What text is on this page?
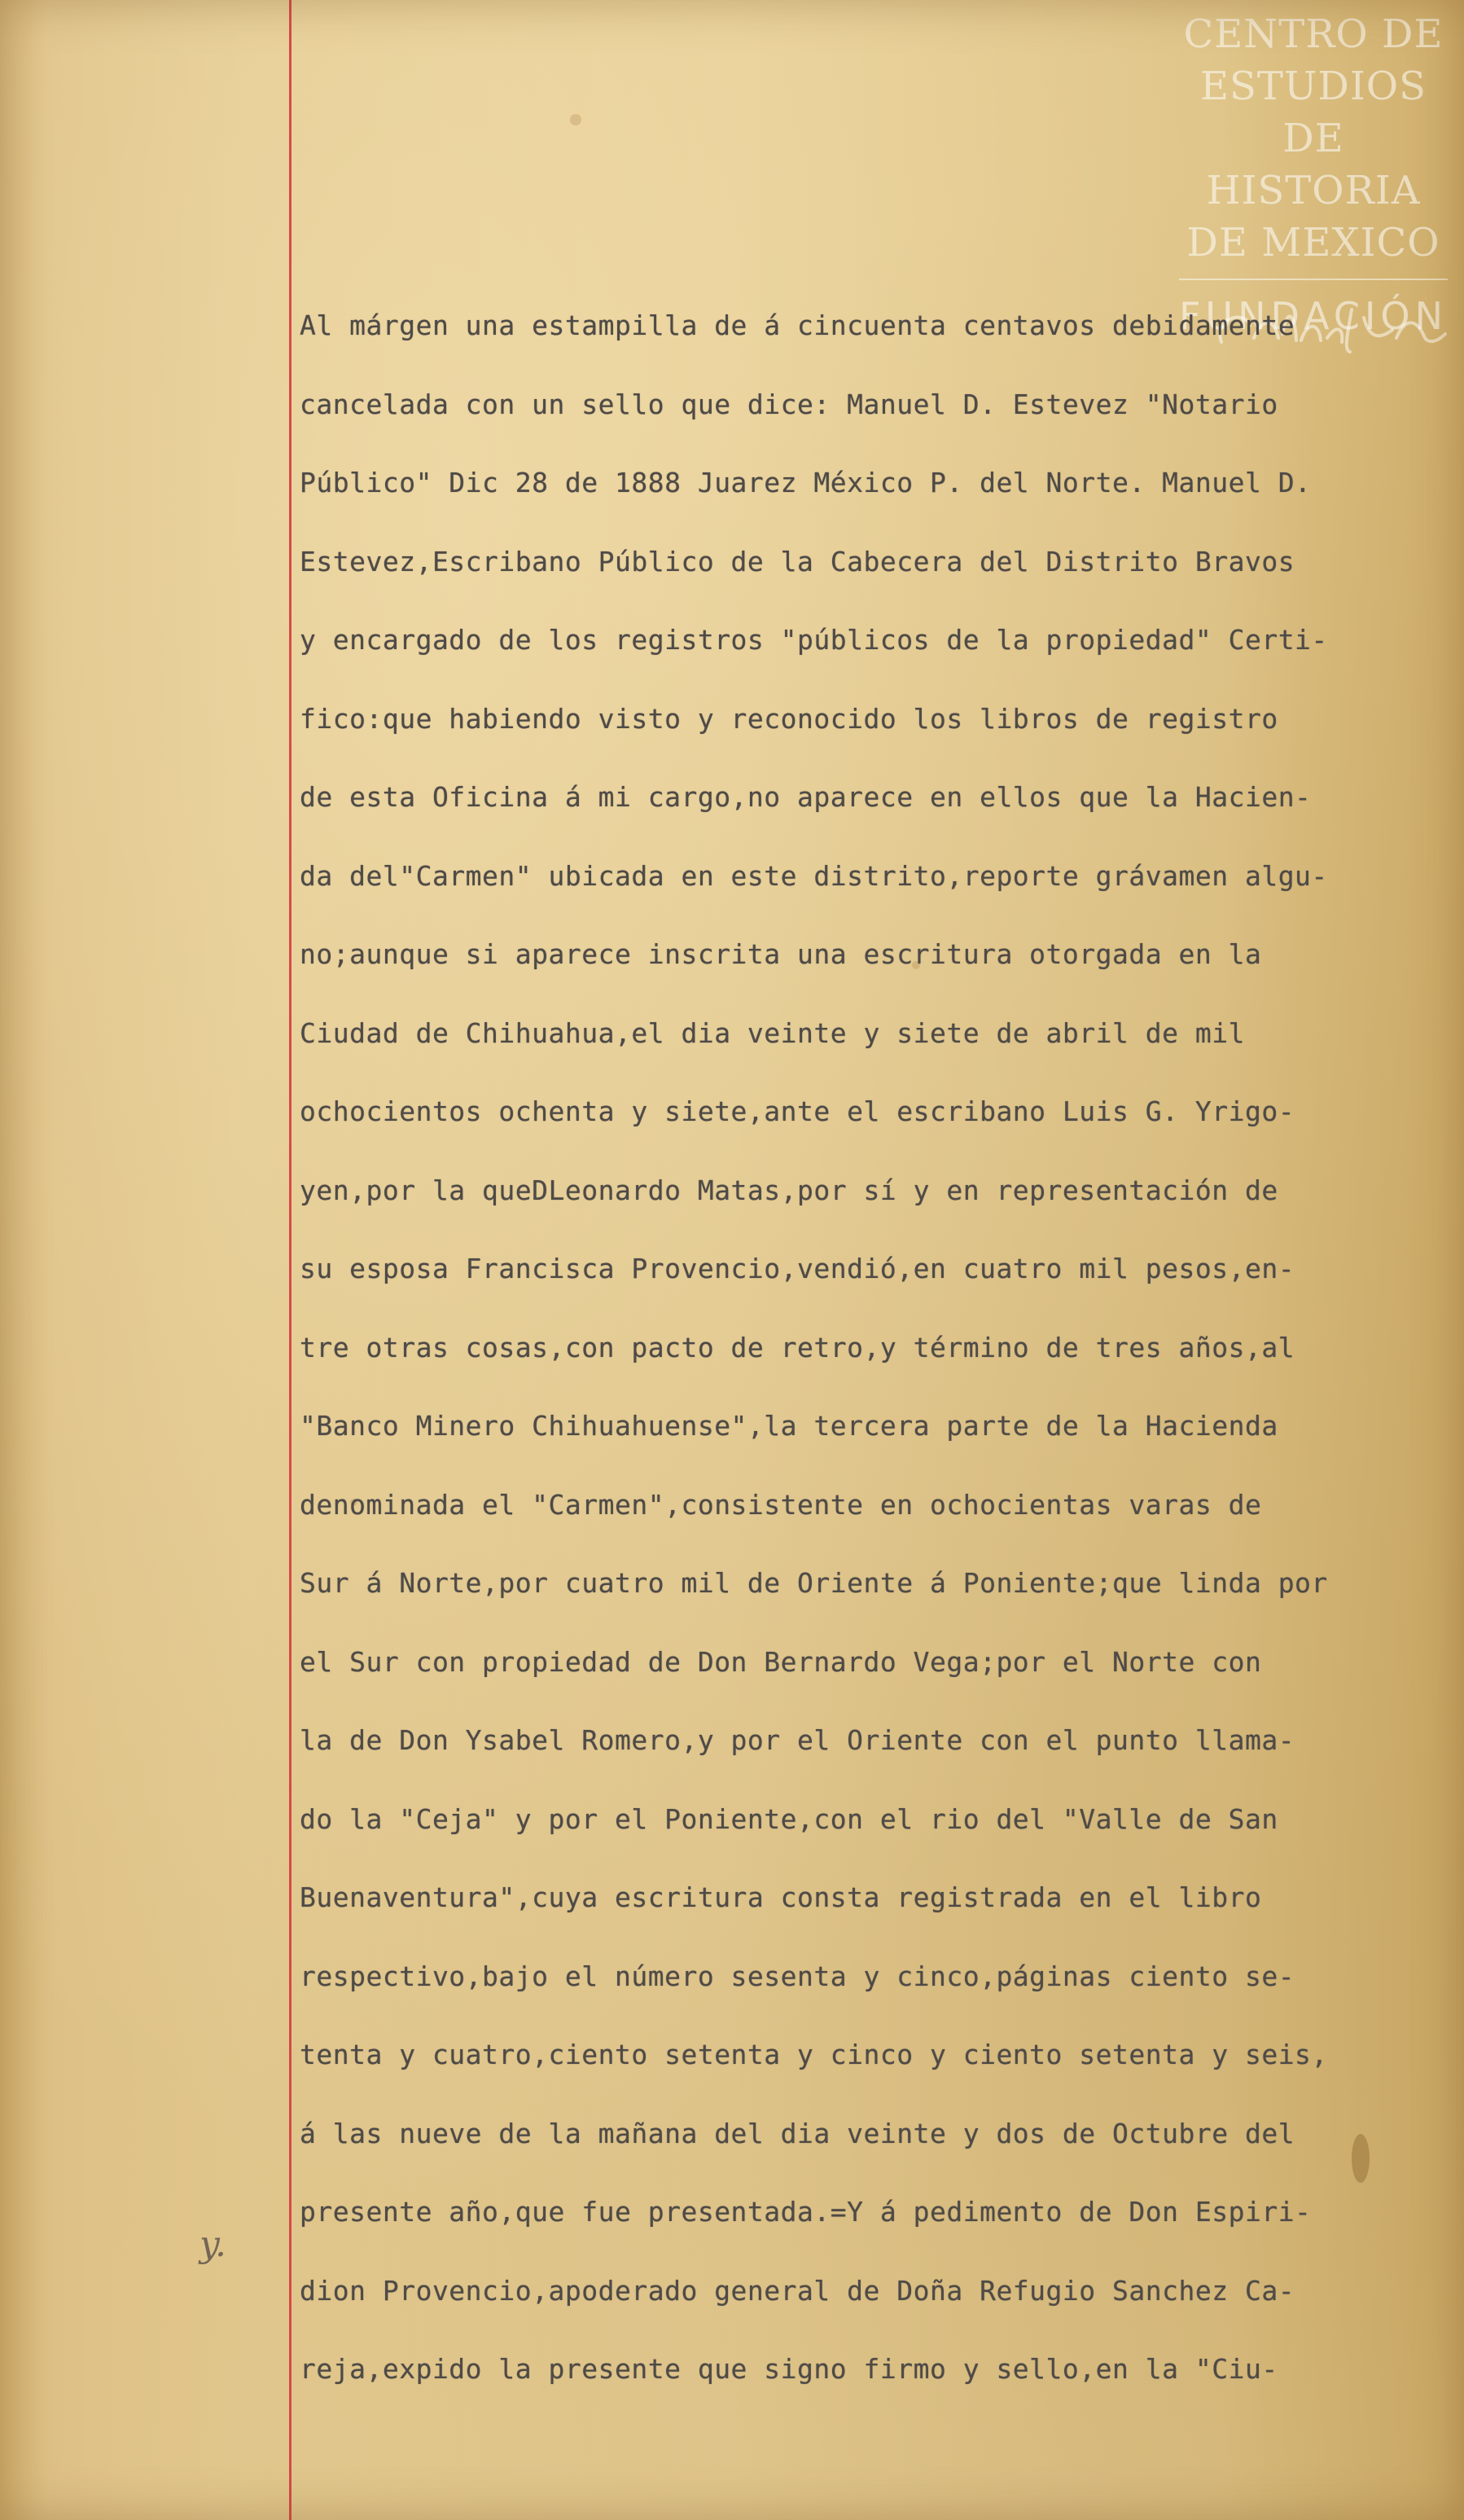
CENTRO DE
ESTUDIOS
DE HISTORIA
DE MEXICO
FUNDACIÓN
Al márgen una estampilla de á cincuenta centavos debidamente
cancelada con un sello que dice: Manuel D. Estevez "Notario
Público" Dic 28 de 1888 Juarez México P. del Norte. Manuel D.
Estevez,Escribano Público de la Cabecera del Distrito Bravos
y encargado de los registros "públicos de la propiedad" Certi-
fico:que habiendo visto y reconocido los libros de registro
de esta Oficina á mi cargo,no aparece en ellos que la Hacien-
da del"Carmen" ubicada en este distrito,reporte grávamen algu-
no;aunque si aparece inscrita una escritura otorgada en la
Ciudad de Chihuahua,el dia veinte y siete de abril de mil
ochocientos ochenta y siete,ante el escribano Luis G. Yrigo-
yen,por la queDLeonardo Matas,por sí y en representación de
su esposa Francisca Provencio,vendió,en cuatro mil pesos,en-
tre otras cosas,con pacto de retro,y término de tres años,al
"Banco Minero Chihuahuense",la tercera parte de la Hacienda
denominada el "Carmen",consistente en ochocientas varas de
Sur á Norte,por cuatro mil de Oriente á Poniente;que linda por
el Sur con propiedad de Don Bernardo Vega;por el Norte con
la de Don Ysabel Romero,y por el Oriente con el punto llama-
do la "Ceja" y por el Poniente,con el rio del "Valle de San
Buenaventura",cuya escritura consta registrada en el libro
respectivo,bajo el número sesenta y cinco,páginas ciento se-
tenta y cuatro,ciento setenta y cinco y ciento setenta y seis,
á las nueve de la mañana del dia veinte y dos de Octubre del
presente año,que fue presentada.=Y á pedimento de Don Espiri-
dion Provencio,apoderado general de Doña Refugio Sanchez Ca-
reja,expido la presente que signo firmo y sello,en la "Ciu-
y.
